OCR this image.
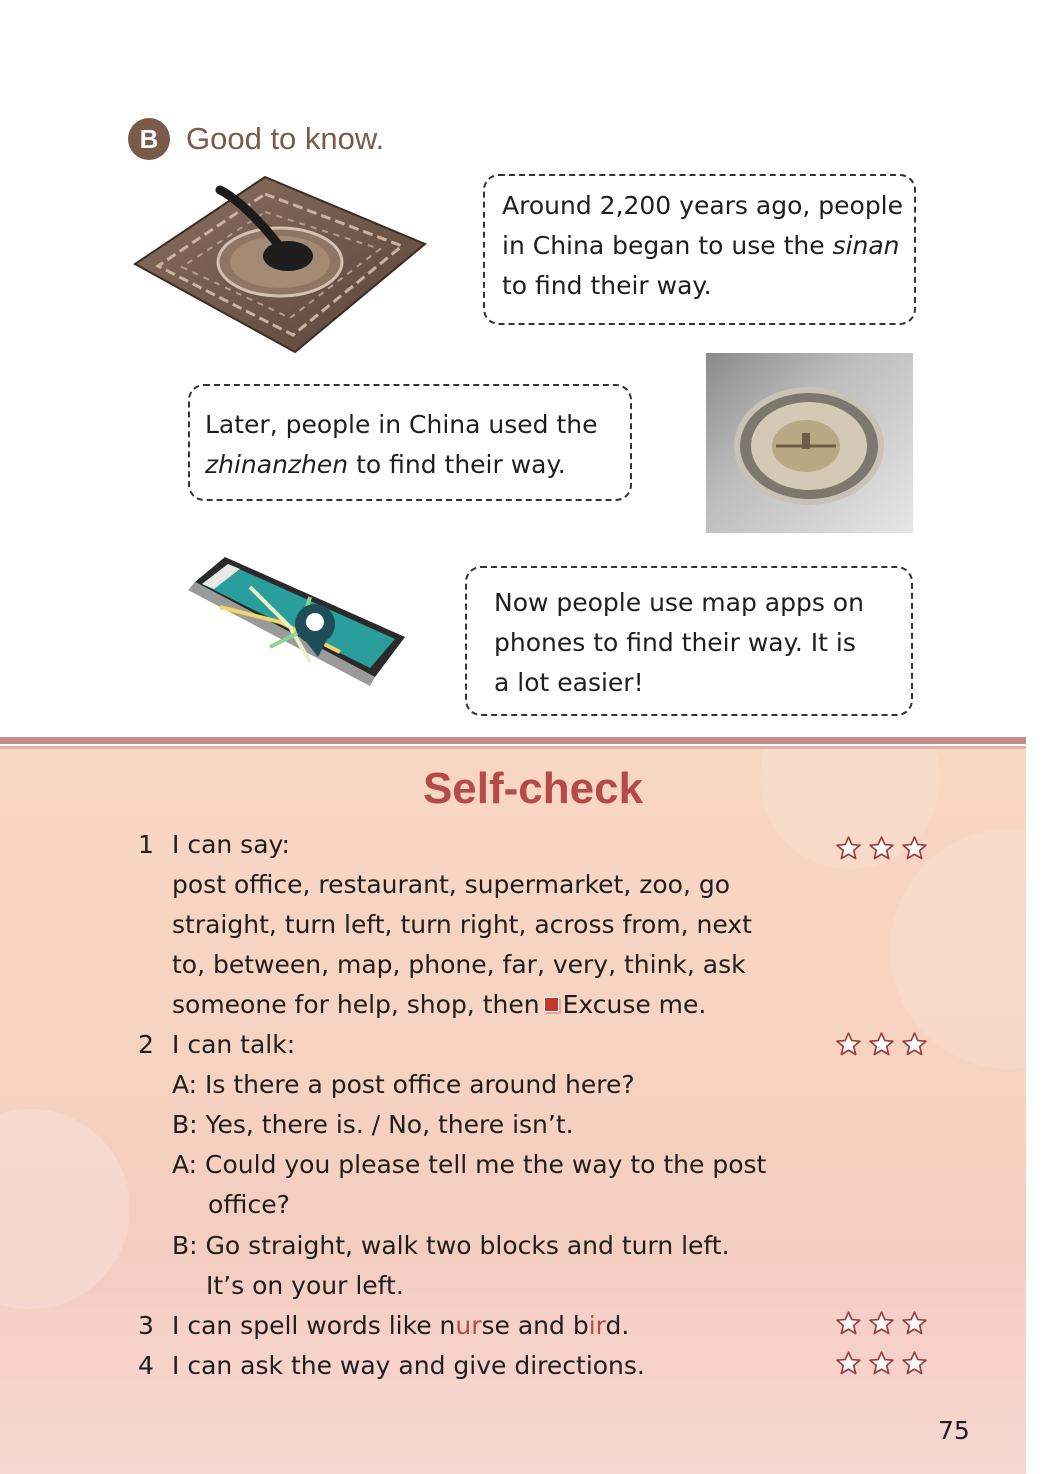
B Good to know.
Around 2,200 years ago, people
in China began to use the sinan
to find their way.
Later, people in China used the
zhinanzhen to find their way.
Now people use map apps on
phones to find their way. It is
a lot easier!
Self-check
1 I can say:
post office, restaurant, supermarket, zoo, go
straight, turn left, turn right, across from, next
to, between, map, phone, far, very, think, ask
someone for help, shop, then Excuse me.
2 I can talk:
A: Is there a post office around here?
B: Yes, there is. / No, there isn’t.
A: Could you please tell me the way to the post
office?
B: Go straight, walk two blocks and turn left.
It’s on your left.
3 I can spell words like nurse and bird.
4 I can ask the way and give directions.
75
